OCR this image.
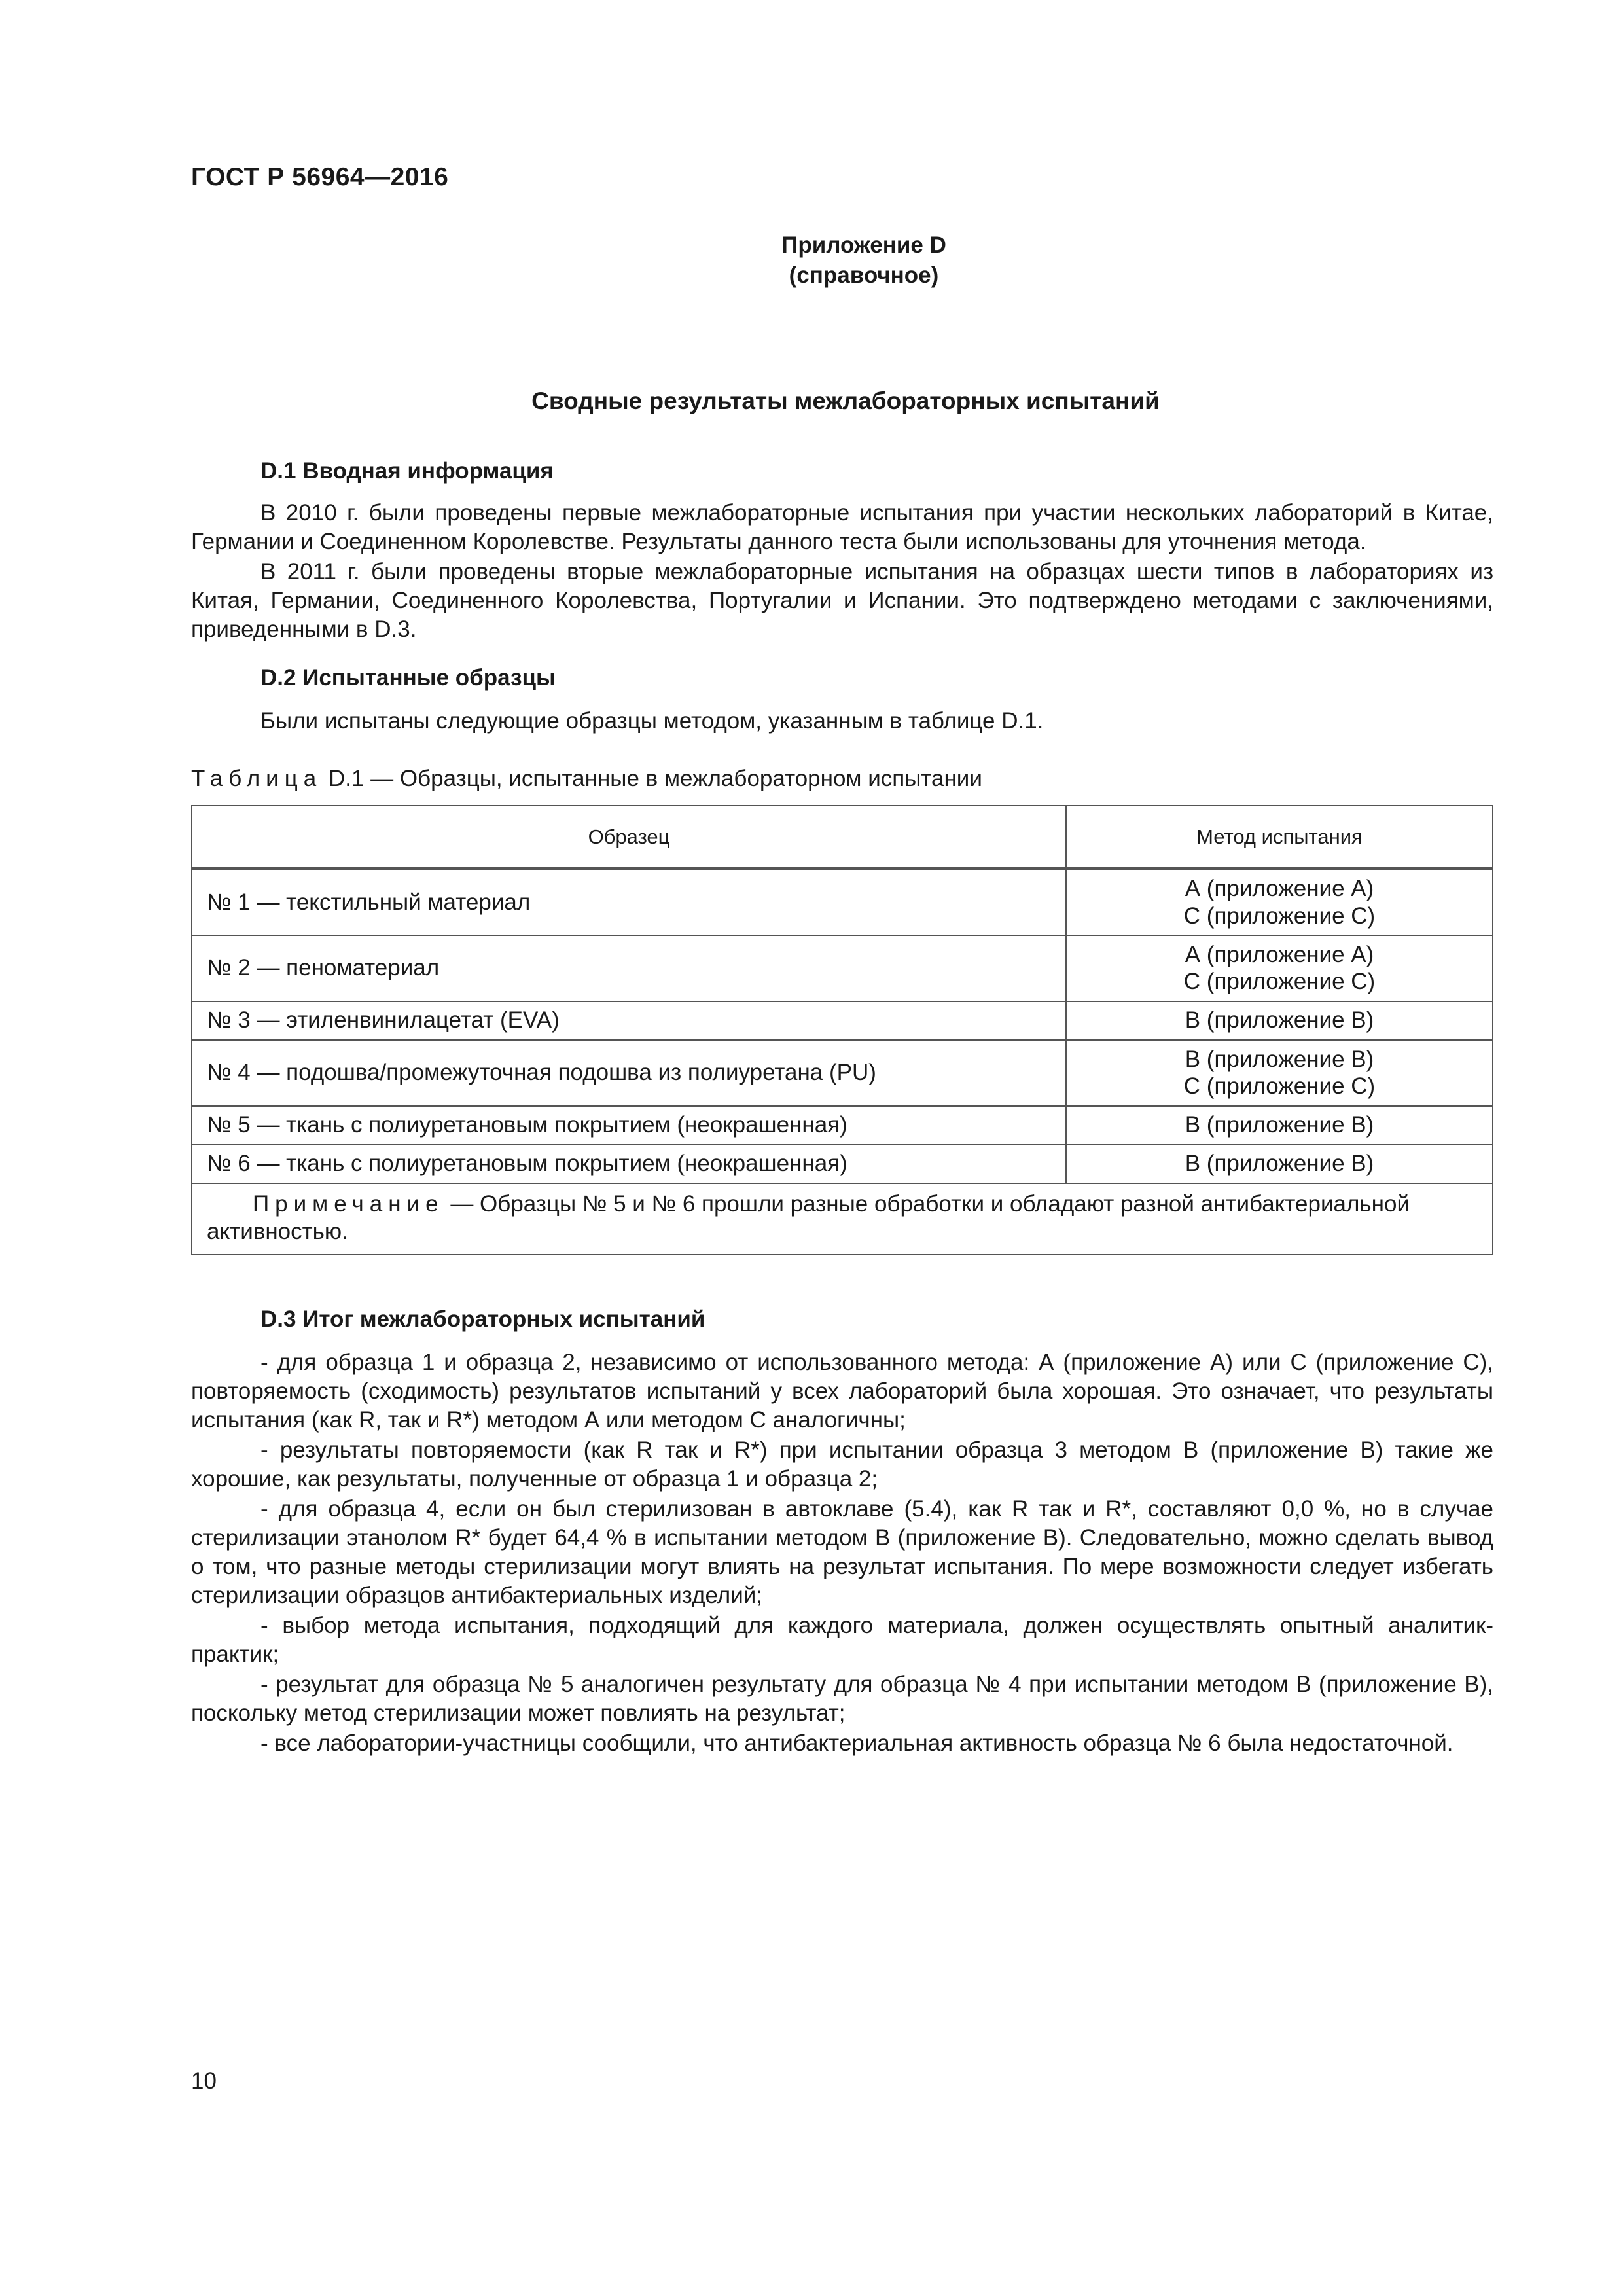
ГОСТ Р 56964—2016
Приложение D
(справочное)
Сводные результаты межлабораторных испытаний
D.1 Вводная информация
В 2010 г. были проведены первые межлабораторные испытания при участии нескольких лабораторий в Китае, Германии и Соединенном Королевстве. Результаты данного теста были использованы для уточнения метода.
В 2011 г. были проведены вторые межлабораторные испытания на образцах шести типов в лабораториях из Китая, Германии, Соединенного Королевства, Португалии и Испании. Это подтверждено методами с заключениями, приведенными в D.3.
D.2 Испытанные образцы
Были испытаны следующие образцы методом, указанным в таблице D.1.
Таблица D.1 — Образцы, испытанные в межлабораторном испытании
Образец	Метод испытания
№ 1 — текстильный материал	А (приложение А)
С (приложение С)

№ 2 — пеноматериал	А (приложение А)
С (приложение С)

№ 3 — этиленвинилацетат (EVA)	В (приложение В)

№ 4 — подошва/промежуточная подошва из полиуретана (PU)	В (приложение В)
С (приложение С)

№ 5 — ткань с полиуретановым покрытием (неокрашенная)	В (приложение В)

№ 6 — ткань с полиуретановым покрытием (неокрашенная)	В (приложение В)

Примечание — Образцы № 5 и № 6 прошли разные обработки и обладают разной антибактериальной активностью.	
D.3 Итог межлабораторных испытаний
- для образца 1 и образца 2, независимо от использованного метода: А (приложение А) или С (приложение С), повторяемость (сходимость) результатов испытаний у всех лабораторий была хорошая. Это означает, что результаты испытания (как R, так и R*) методом А или методом С аналогичны;
- результаты повторяемости (как R так и R*) при испытании образца 3 методом В (приложение В) такие же хорошие, как результаты, полученные от образца 1 и образца 2;
- для образца 4, если он был стерилизован в автоклаве (5.4), как R так и R*, составляют 0,0 %, но в случае стерилизации этанолом R* будет 64,4 % в испытании методом В (приложение В). Следовательно, можно сделать вывод о том, что разные методы стерилизации могут влиять на результат испытания. По мере возможности следует избегать стерилизации образцов антибактериальных изделий;
- выбор метода испытания, подходящий для каждого материала, должен осуществлять опытный аналитик-практик;
- результат для образца № 5 аналогичен результату для образца № 4 при испытании методом В (приложение В), поскольку метод стерилизации может повлиять на результат;
- все лаборатории-участницы сообщили, что антибактериальная активность образца № 6 была недостаточной.
10
